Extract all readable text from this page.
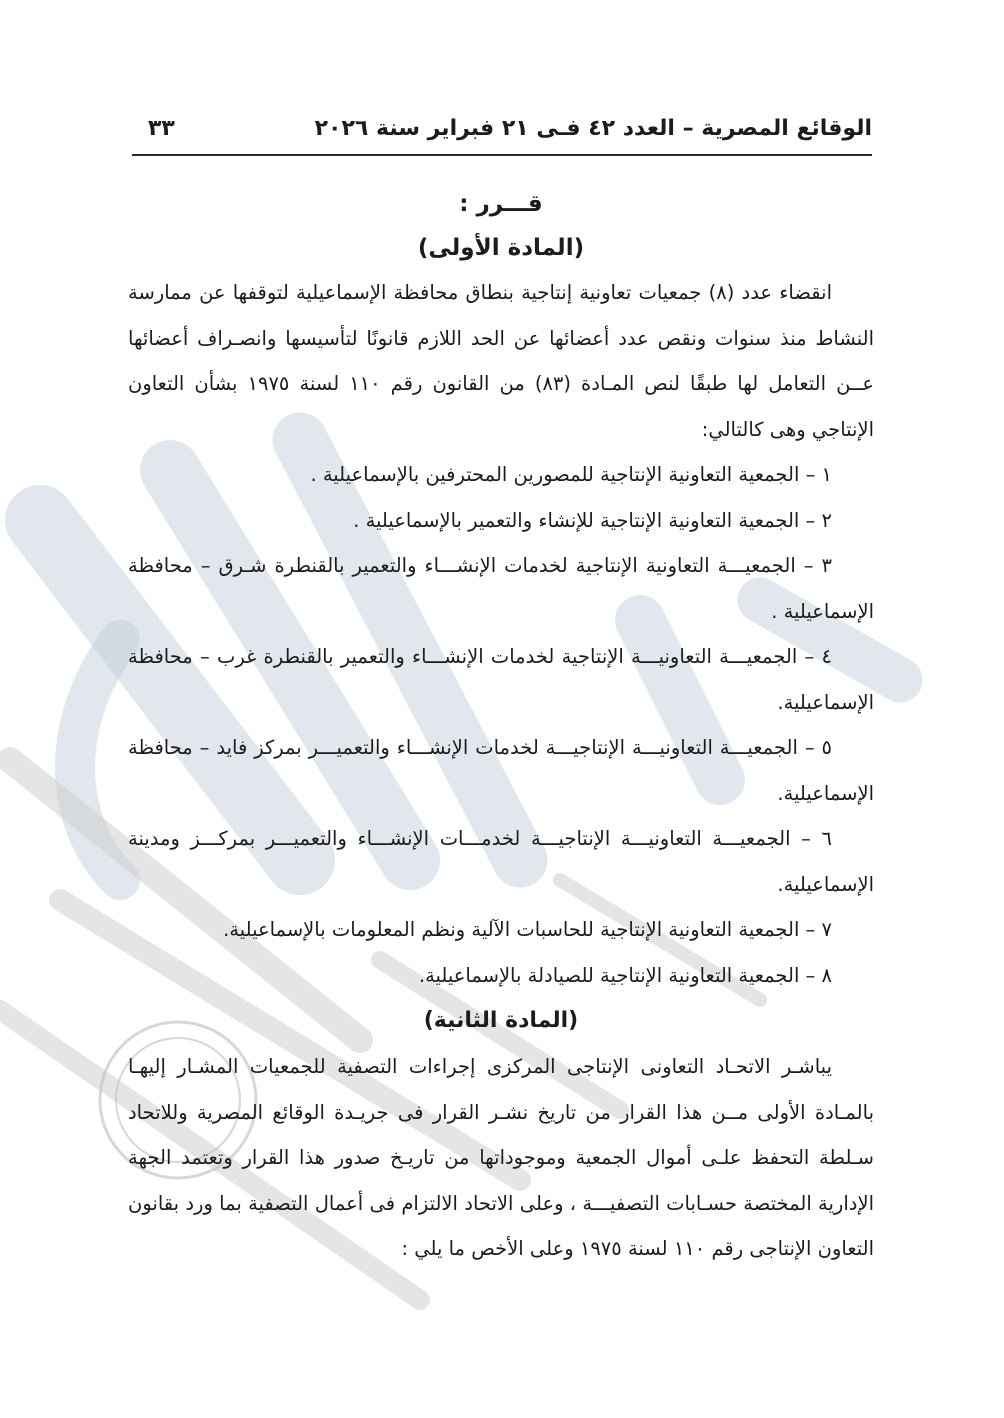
الوقائع المصرية – العدد ٤٢ فـى ٢١ فبراير سنة ٢٠٢٦
٣٣
قـــرر :
(المادة الأولى)

انقضاء عدد (٨) جمعيات تعاونية إنتاجية بنطاق محافظة الإسماعيلية لتوقفها عن ممارسة النشاط منذ سنوات ونقص عدد أعضائها عن الحد اللازم قانونًا لتأسيسها وانصـراف أعضائها عــن التعامل لها طبقًا لنص المـادة (٨٣) من القانون رقم ١١٠ لسنة ١٩٧٥ بشأن التعاون الإنتاجي وهى كالتالي:

١ – الجمعية التعاونية الإنتاجية للمصورين المحترفين بالإسماعيلية .

٢ – الجمعية التعاونية الإنتاجية للإنشاء والتعمير بالإسماعيلية .

٣ – الجمعيـــة التعاونية الإنتاجية لخدمات الإنشـــاء والتعمير بالقنطرة شـرق – محافظة الإسماعيلية .

٤ – الجمعيـــة التعاونيـــة الإنتاجية لخدمات الإنشـــاء والتعمير بالقنطرة غرب – محافظة الإسماعيلية.

٥ – الجمعيـــة التعاونيـــة الإنتاجيـــة لخدمات الإنشـــاء والتعميـــر بمركز فايد – محافظة الإسماعيلية.

٦ – الجمعيـــة التعاونيـــة الإنتاجيـــة لخدمـــات الإنشـــاء والتعميـــر بمركـــز ومدينة الإسماعيلية.

٧ – الجمعية التعاونية الإنتاجية للحاسبات الآلية ونظم المعلومات بالإسماعيلية.

٨ – الجمعية التعاونية الإنتاجية للصيادلة بالإسماعيلية.

(المادة الثانية)

يباشـر الاتحـاد التعاونى الإنتاجى المركزى إجراءات التصفية للجمعيات المشـار إليهـا بالمـادة الأولى مــن هذا القرار من تاريخ نشـر القرار فى جريـدة الوقائع المصرية وللاتحاد سـلطة التحفظ علـى أموال الجمعية وموجوداتها من تاريـخ صدور هذا القرار وتعتمد الجهة الإدارية المختصة حسـابات التصفيـــة ، وعلى الاتحاد الالتزام فى أعمال التصفية بما ورد بقانون التعاون الإنتاجى رقم ١١٠ لسنة ١٩٧٥ وعلى الأخص ما يلي :
